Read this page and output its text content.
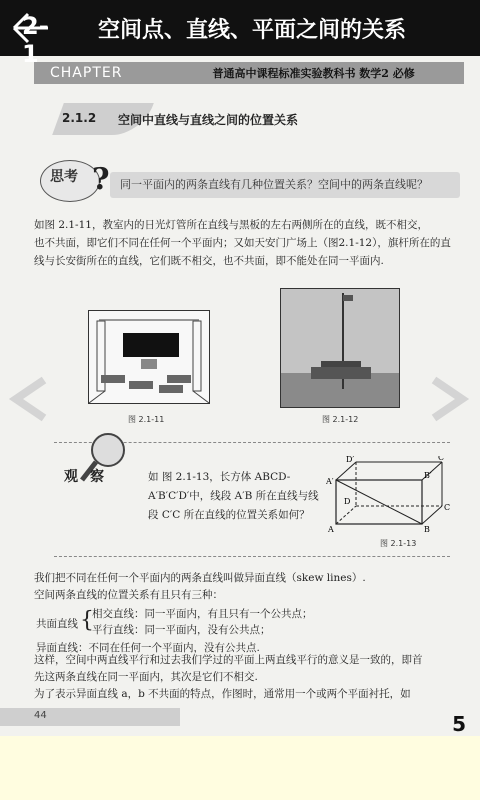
2-1
空间点、直线、平面之间的关系
CHAPTER	普通高中课程标准实验教科书 数学2 必修
2.1.2 空间中直线与直线之间的位置关系
思考 ? 同一平面内的两条直线有几种位置关系？空间中的两条直线呢？
如图 2.1-11，教室内的日光灯管所在直线与黑板的左右两侧所在的直线，既不相交，
也不共面，即它们不同在任何一个平面内；又如天安门广场上（图2.1-12），旗杆所在的直
线与长安街所在的直线，它们既不相交，也不共面，即不能处在同一平面内.
图 2.1-11	图 2.1-12
观察	如 图 2.1-13，长方体 ABCD-
A′B′C′D′中，线段 A′B 所在直线与线
段 C′C 所在直线的位置关系如何？
D′	C′
A′
B′
D
C
A	B
图 2.1-13
我们把不同在任何一个平面内的两条直线叫做异面直线（skew lines）.
空间两条直线的位置关系有且只有三种：
共面直线 {
相交直线：同一平面内，有且只有一个公共点；
平行直线：同一平面内，没有公共点；
异面直线：不同在任何一个平面内，没有公共点.
这样，空间中两直线平行和过去我们学过的平面上两直线平行的意义是一致的，即首
先这两条直线在同一平面内，其次是它们不相交.
为了表示异面直线 a，b 不共面的特点，作图时，通常用一个或两个平面衬托，如
44	5
